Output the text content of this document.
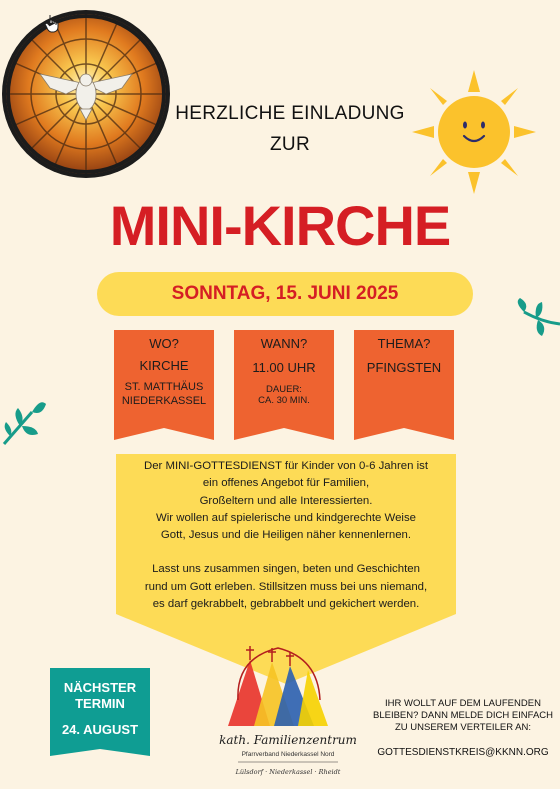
HERZLICHE EINLADUNG
ZUR
MINI-KIRCHE
SONNTAG, 15. JUNI 2025
WO?
KIRCHE
ST. MATTHÄUS
NIEDERKASSEL
WANN?
11.00 UHR
DAUER:
CA. 30 MIN.
THEMA?
PFINGSTEN

Der MINI-GOTTESDIENST für Kinder von 0-6 Jahren ist

ein offenes Angebot für Familien,

Großeltern und alle Interessierten.

Wir wollen auf spielerische und kindgerechte Weise

Gott, Jesus und die Heiligen näher kennenlernen.

Lasst uns zusammen singen, beten und Geschichten

rund um Gott erleben. Stillsitzen muss bei uns niemand,

es darf gekrabbelt, gebrabbelt und gekichert werden.

NÄCHSTER
TERMIN
24. AUGUST
kath. Familienzentrum
Pfarrverband Niederkassel Nord
Lülsdorf · Niederkassel · Rheidt
IHR WOLLT AUF DEM LAUFENDEN
BLEIBEN? DANN MELDE DICH EINFACH
ZU UNSEREM VERTEILER AN:
GOTTESDIENSTKREIS@KKNN.ORG
